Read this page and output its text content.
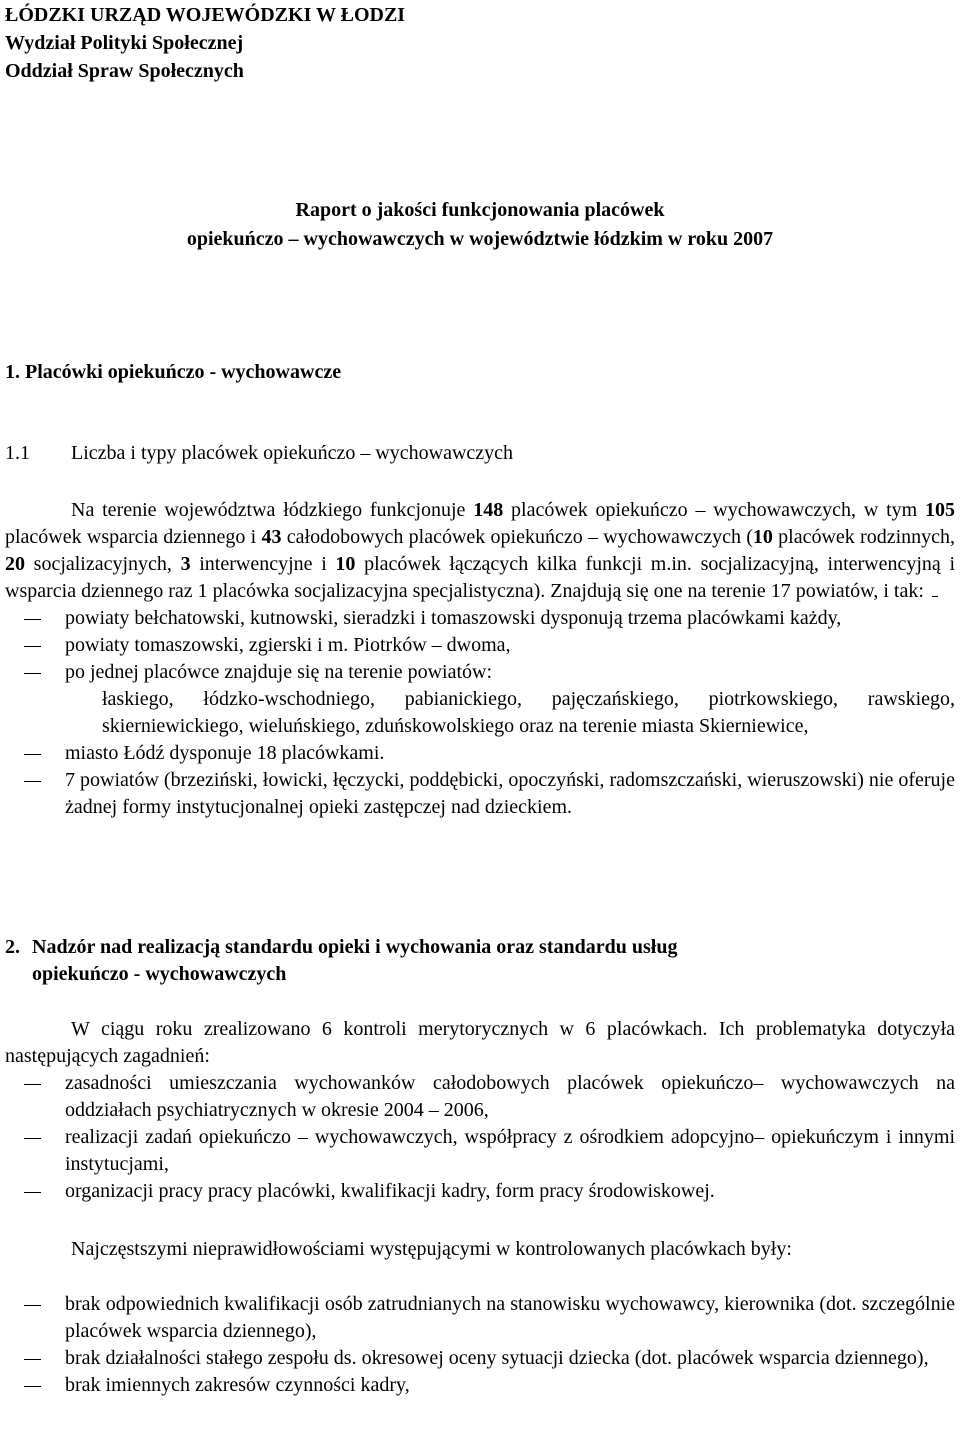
ŁÓDZKI URZĄD WOJEWÓDZKI W ŁODZI
Wydział Polityki Społecznej
Oddział Spraw Społecznych
Raport o jakości funkcjonowania placówek
opiekuńczo – wychowawczych w województwie łódzkim w roku 2007
1. Placówki opiekuńczo - wychowawcze
1.1 Liczba i typy placówek opiekuńczo – wychowawczych
Na terenie województwa łódzkiego funkcjonuje 148 placówek opiekuńczo – wychowawczych, w tym 105 placówek wsparcia dziennego i 43 całodobowych placówek opiekuńczo – wychowawczych (10 placówek rodzinnych, 20 socjalizacyjnych, 3 interwencyjne i 10 placówek łączących kilka funkcji m.in. socjalizacyjną, interwencyjną i wsparcia dziennego raz 1 placówka socjalizacyjna specjalistyczna). Znajdują się one na terenie 17 powiatów, i tak:
powiaty bełchatowski, kutnowski, sieradzki i tomaszowski dysponują trzema placówkami każdy,
powiaty tomaszowski, zgierski i m. Piotrków – dwoma,
po jednej placówce znajduje się na terenie powiatów:
łaskiego, łódzko-wschodniego, pabianickiego, pajęczańskiego, piotrkowskiego, rawskiego, skierniewickiego, wieluńskiego, zduńskowolskiego oraz na terenie miasta Skierniewice,
miasto Łódź dysponuje 18 placówkami.
7 powiatów (brzeziński, łowicki, łęczycki, poddębicki, opoczyński, radomszczański, wieruszowski) nie oferuje żadnej formy instytucjonalnej opieki zastępczej nad dzieckiem.
2. Nadzór nad realizacją standardu opieki i wychowania oraz standardu usług
opiekuńczo - wychowawczych
W ciągu roku zrealizowano 6 kontroli merytorycznych w 6 placówkach. Ich problematyka dotyczyła następujących zagadnień:
zasadności umieszczania wychowanków całodobowych placówek opiekuńczo– wychowawczych na oddziałach psychiatrycznych w okresie 2004 – 2006,
realizacji zadań opiekuńczo – wychowawczych, współpracy z ośrodkiem adopcyjno– opiekuńczym i innymi instytucjami,
organizacji pracy pracy placówki, kwalifikacji kadry, form pracy środowiskowej.
Najczęstszymi nieprawidłowościami występującymi w kontrolowanych placówkach były:
brak odpowiednich kwalifikacji osób zatrudnianych na stanowisku wychowawcy, kierownika (dot. szczególnie placówek wsparcia dziennego),
brak działalności stałego zespołu ds. okresowej oceny sytuacji dziecka (dot. placówek wsparcia dziennego),
brak imiennych zakresów czynności kadry,
